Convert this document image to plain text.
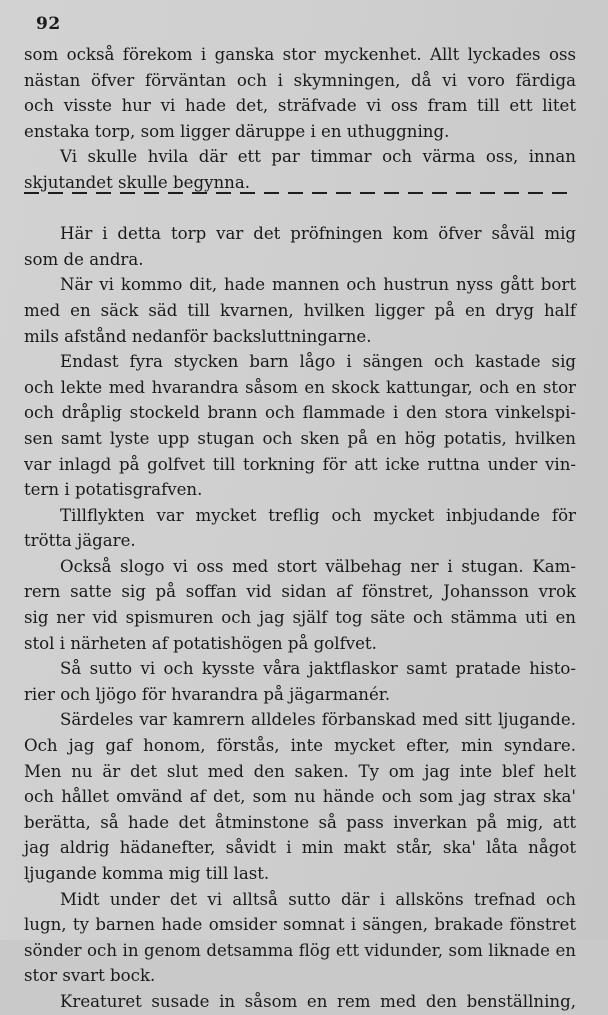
92
som också förekom i ganska stor myckenhet. Allt lyckades oss
nästan öfver förväntan och i skymningen, då vi voro färdiga
och visste hur vi hade det, sträfvade vi oss fram till ett litet
enstaka torp, som ligger däruppe i en uthuggning.
Vi skulle hvila där ett par timmar och värma oss, innan
skjutandet skulle begynna.
Här i detta torp var det pröfningen kom öfver såväl mig
som de andra.
När vi kommo dit, hade mannen och hustrun nyss gått bort
med en säck säd till kvarnen, hvilken ligger på en dryg half
mils afstånd nedanför backsluttningarne.
Endast fyra stycken barn lågo i sängen och kastade sig
och lekte med hvarandra såsom en skock kattungar, och en stor
och dråplig stockeld brann och flammade i den stora vinkelspi-
sen samt lyste upp stugan och sken på en hög potatis, hvilken
var inlagd på golfvet till torkning för att icke ruttna under vin-
tern i potatisgrafven.
Tillflykten var mycket treflig och mycket inbjudande för
trötta jägare.
Också slogo vi oss med stort välbehag ner i stugan. Kam-
rern satte sig på soffan vid sidan af fönstret, Johansson vrok
sig ner vid spismuren och jag själf tog säte och stämma uti en
stol i närheten af potatishögen på golfvet.
Så sutto vi och kysste våra jaktflaskor samt pratade histo-
rier och ljögo för hvarandra på jägarmanér.
Särdeles var kamrern alldeles förbanskad med sitt ljugande.
Och jag gaf honom, förstås, inte mycket efter, min syndare.
Men nu är det slut med den saken. Ty om jag inte blef helt
och hållet omvänd af det, som nu hände och som jag strax ska'
berätta, så hade det åtminstone så pass inverkan på mig, att
jag aldrig hädanefter, såvidt i min makt står, ska' låta något
ljugande komma mig till last.
Midt under det vi alltså sutto där i allsköns trefnad och
lugn, ty barnen hade omsider somnat i sängen, brakade fönstret
sönder och in genom detsamma flög ett vidunder, som liknade en
stor svart bock.
Kreaturet susade in såsom en rem med den benställning,
